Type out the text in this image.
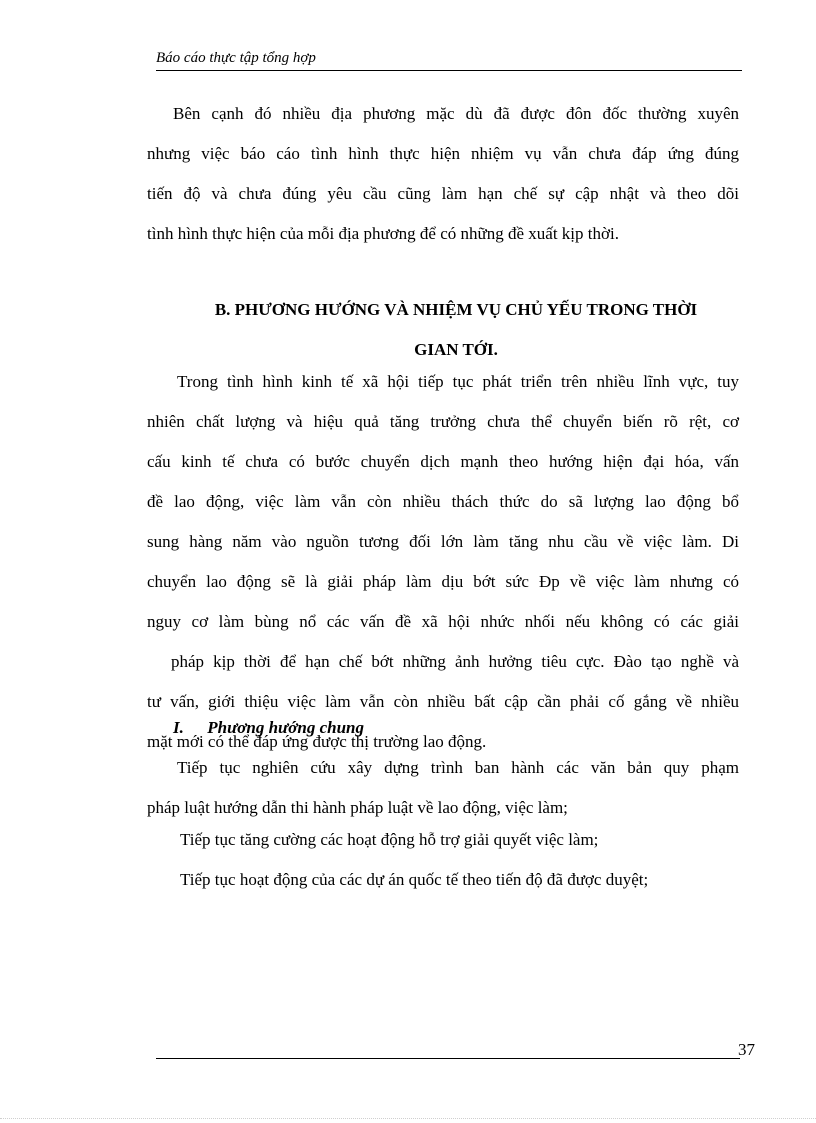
Báo cáo thực tập tổng hợp
Bên cạnh đó nhiều địa phương mặc dù đã được đôn đốc thường xuyên
nhưng việc báo cáo tình hình thực hiện nhiệm vụ vẫn chưa đáp ứng đúng
tiến độ và chưa đúng yêu cầu cũng làm hạn chế sự cập nhật và theo dõi
tình hình thực hiện của mỗi địa phương để có những đề xuất kịp thời.
B. PHƯƠNG HƯỚNG VÀ NHIỆM VỤ CHỦ YẾU TRONG THỜI
GIAN TỚI.
Trong tình hình kinh tế xã hội tiếp tục phát triển trên nhiều lĩnh vực, tuy
nhiên chất lượng và hiệu quả tăng trưởng chưa thể chuyển biến rõ rệt, cơ
cấu kinh tế chưa có bước chuyển dịch mạnh theo hướng hiện đại hóa, vấn
đề lao động, việc làm vẫn còn nhiều thách thức do sã lượng lao động bổ
sung hàng năm vào nguồn tương đối lớn làm tăng nhu cầu về việc làm. Di
chuyển lao động sẽ là giải pháp làm dịu bớt sức Đp về việc làm nhưng có
nguy cơ làm bùng nổ các vấn đề xã hội nhức nhối nếu không có các giải
pháp kịp thời để hạn chế bớt những ảnh hưởng tiêu cực. Đào tạo nghề và
tư vấn, giới thiệu việc làm vẫn còn nhiều bất cập cần phải cố gắng về nhiều
mặt mới có thể đáp ứng được thị trường lao động.
I. Phương hướng chung
Tiếp tục nghiên cứu xây dựng trình ban hành các văn bản quy phạm
pháp luật hướng dẫn thi hành pháp luật về lao động, việc làm;
Tiếp tục tăng cường các hoạt động hỗ trợ giải quyết việc làm;
Tiếp tục hoạt động của các dự án quốc tế theo tiến độ đã được duyệt;
37
